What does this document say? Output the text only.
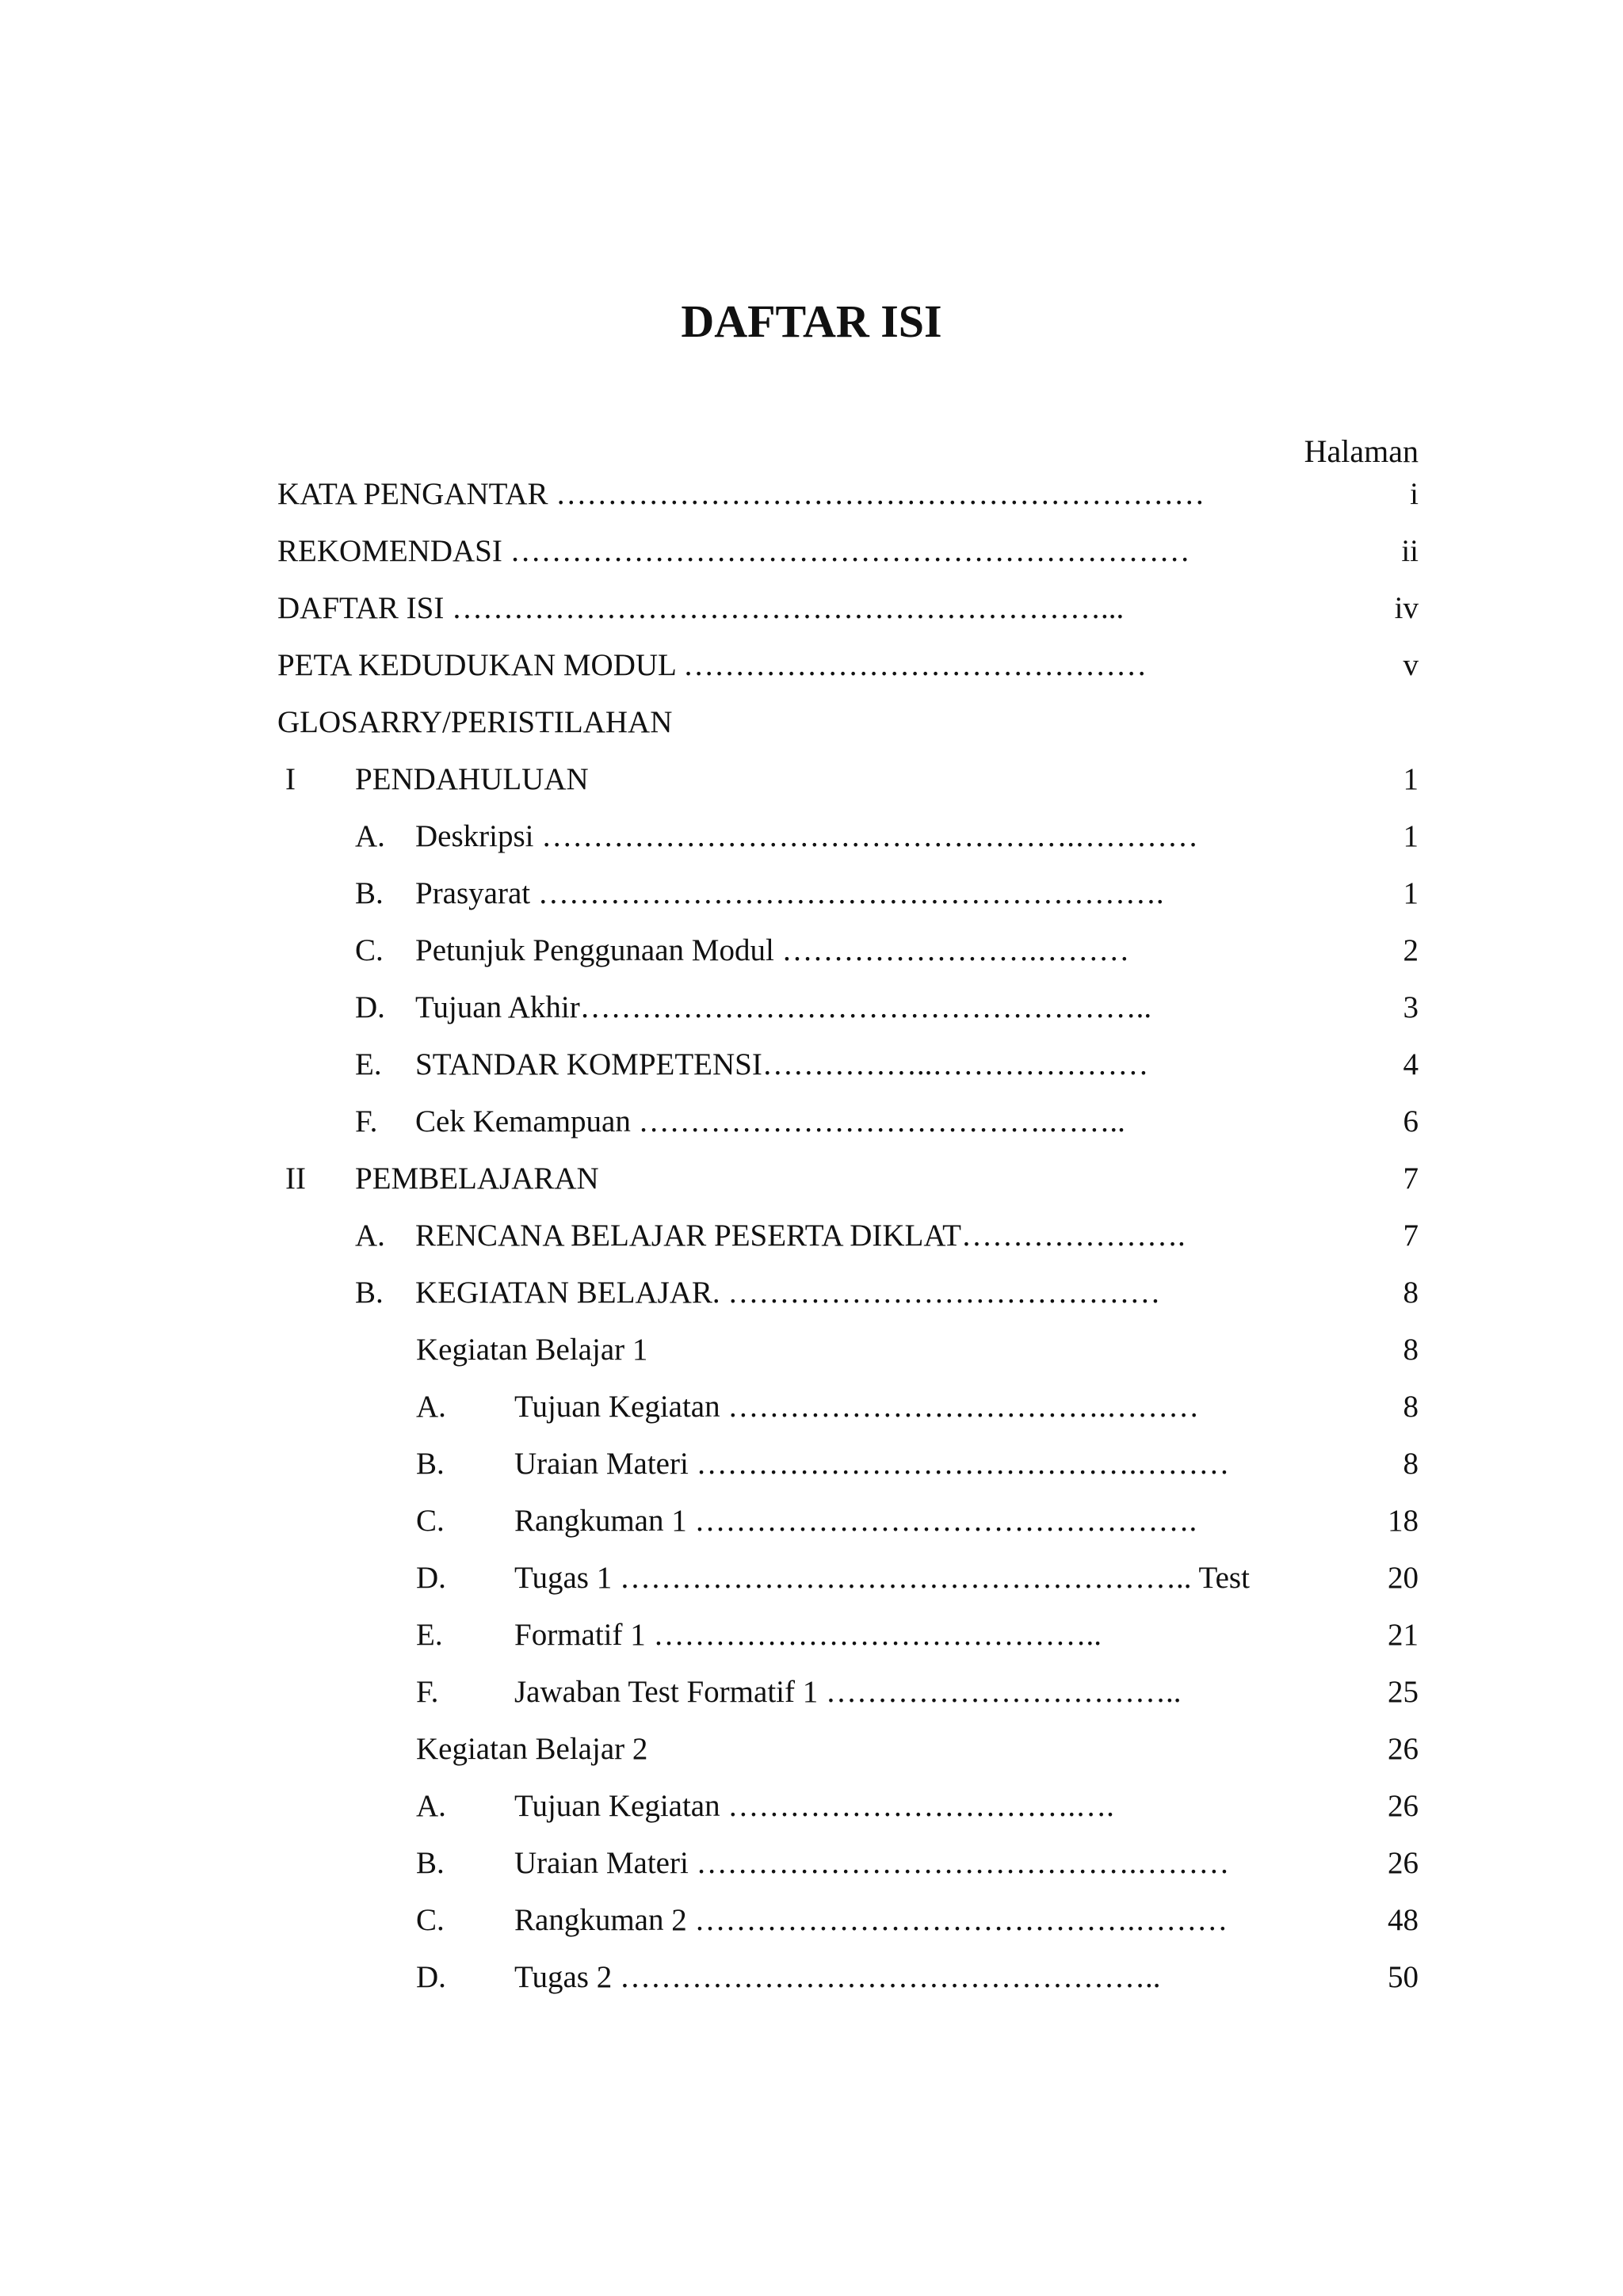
DAFTAR ISI
Halaman
KATA PENGANTAR ………………………………………………………	i
REKOMENDASI …………………………………………………………	ii
DAFTAR ISI ………………………………………………………...	iv
PETA KEDUDUKAN MODUL ………………………………………	v
GLOSARRY/PERISTILAHAN
I PENDAHULUAN	1
A. Deskripsi …………………………………………….…………	1
B. Prasyarat …………………………………………………….	1
C. Petunjuk Penggunaan Modul …………………….………	2
D. Tujuan Akhir………………………………………………..	3
E. STANDAR KOMPETENSI……………..…………………	4
F. Cek Kemampuan ………………………………….……..	6
II PEMBELAJARAN	7
A. RENCANA BELAJAR PESERTA DIKLAT………………….	7
B. KEGIATAN BELAJAR. ……………………………………	8
Kegiatan Belajar 1	8
A. Tujuan Kegiatan ……………………………….………	8
B. Uraian Materi …………………………………….………	8
C. Rangkuman 1 ………………………………………….	18
D. Tugas 1 ……………………………………………….. Test	20
E. Formatif 1 ……………………………………..	21
F. Jawaban Test Formatif 1 ……………………………..	25
Kegiatan Belajar 2	26
A. Tujuan Kegiatan …………………………….….	26
B. Uraian Materi …………………………………….………	26
C. Rangkuman 2 …………………………………….………	48
D. Tugas 2 ……………………………………………..	50
